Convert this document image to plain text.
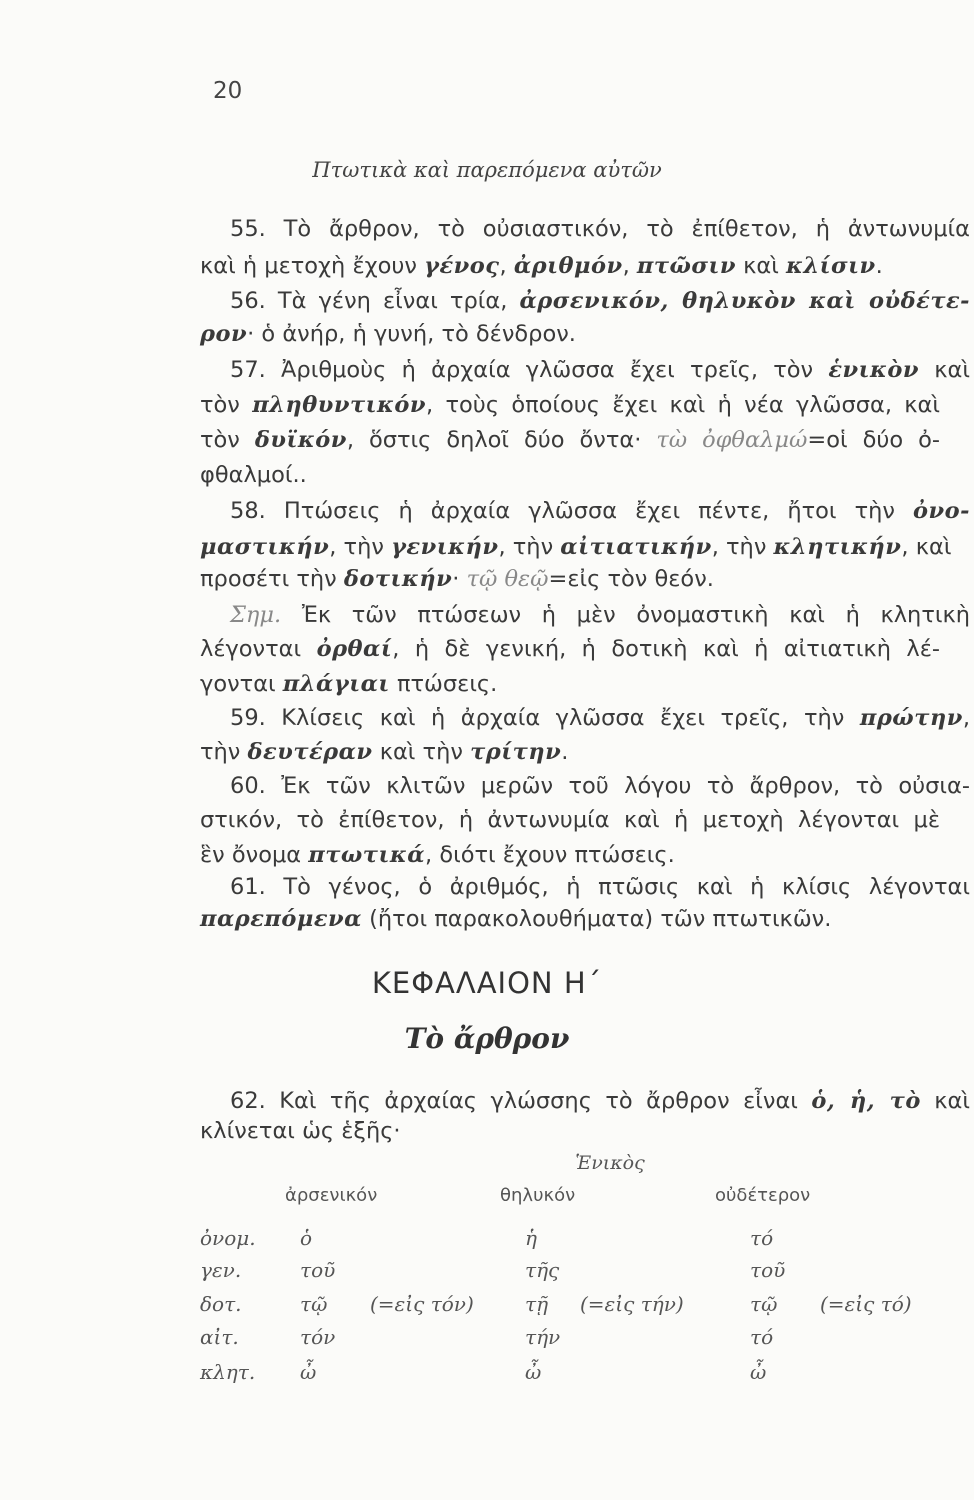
20
Πτωτικὰ καὶ παρεπόμενα αὐτῶν
55. Τὸ ἄρθρον, τὸ οὐσιαστικόν, τὸ ἐπίθετον, ἡ ἀντωνυμία
καὶ ἡ μετοχὴ ἔχουν γένος, ἀριθμόν, πτῶσιν καὶ κλίσιν.
56. Τὰ γένη εἶναι τρία, ἀρσενικόν, θηλυκὸν καὶ οὐδέτε-
ρον· ὁ ἀνήρ, ἡ γυνή, τὸ δένδρον.
57. Ἀριθμοὺς ἡ ἀρχαία γλῶσσα ἔχει τρεῖς, τὸν ἑνικὸν καὶ
τὸν πληθυντικόν, τοὺς ὁποίους ἔχει καὶ ἡ νέα γλῶσσα, καὶ
τὸν δυϊκόν, ὅστις δηλοῖ δύο ὄντα· τὼ ὀφθαλμώ=οἱ δύο ὀ-
φθαλμοί..
58. Πτώσεις ἡ ἀρχαία γλῶσσα ἔχει πέντε, ἤτοι τὴν ὀνο-
μαστικήν, τὴν γενικήν, τὴν αἰτιατικήν, τὴν κλητικήν, καὶ
προσέτι τὴν δοτικήν· τῷ θεῷ=εἰς τὸν θεόν.
Σημ. Ἐκ τῶν πτώσεων ἡ μὲν ὀνομαστικὴ καὶ ἡ κλητικὴ
λέγονται ὀρθαί, ἡ δὲ γενική, ἡ δοτικὴ καὶ ἡ αἰτιατικὴ λέ-
γονται πλάγιαι πτώσεις.
59. Κλίσεις καὶ ἡ ἀρχαία γλῶσσα ἔχει τρεῖς, τὴν πρώτην,
τὴν δευτέραν καὶ τὴν τρίτην.
60. Ἐκ τῶν κλιτῶν μερῶν τοῦ λόγου τὸ ἄρθρον, τὸ οὐσια-
στικόν, τὸ ἐπίθετον, ἡ ἀντωνυμία καὶ ἡ μετοχὴ λέγονται μὲ
ἓν ὄνομα πτωτικά, διότι ἔχουν πτώσεις.
61. Τὸ γένος, ὁ ἀριθμός, ἡ πτῶσις καὶ ἡ κλίσις λέγονται
παρεπόμενα (ἤτοι παρακολουθήματα) τῶν πτωτικῶν.
ΚΕΦΑΛΑΙΟΝ Η΄
Τὸ ἄρθρον
62. Καὶ τῆς ἀρχαίας γλώσσης τὸ ἄρθρον εἶναι ὁ, ἡ, τὸ καὶ
κλίνεται ὡς ἑξῆς·
Ἑνικὸς
ἀρσενικόν	θηλυκόν	οὐδέτερον
ὀνομ. ὁ	ἡ	τό
γεν.	τοῦ	τῆς	τοῦ
δοτ.	τῷ (=εἰς τόν)	τῇ (=εἰς τήν)	τῷ (=εἰς τό)
αἰτ.	τόν	τήν	τό
κλητ. ὦ	ὦ	ὦ
